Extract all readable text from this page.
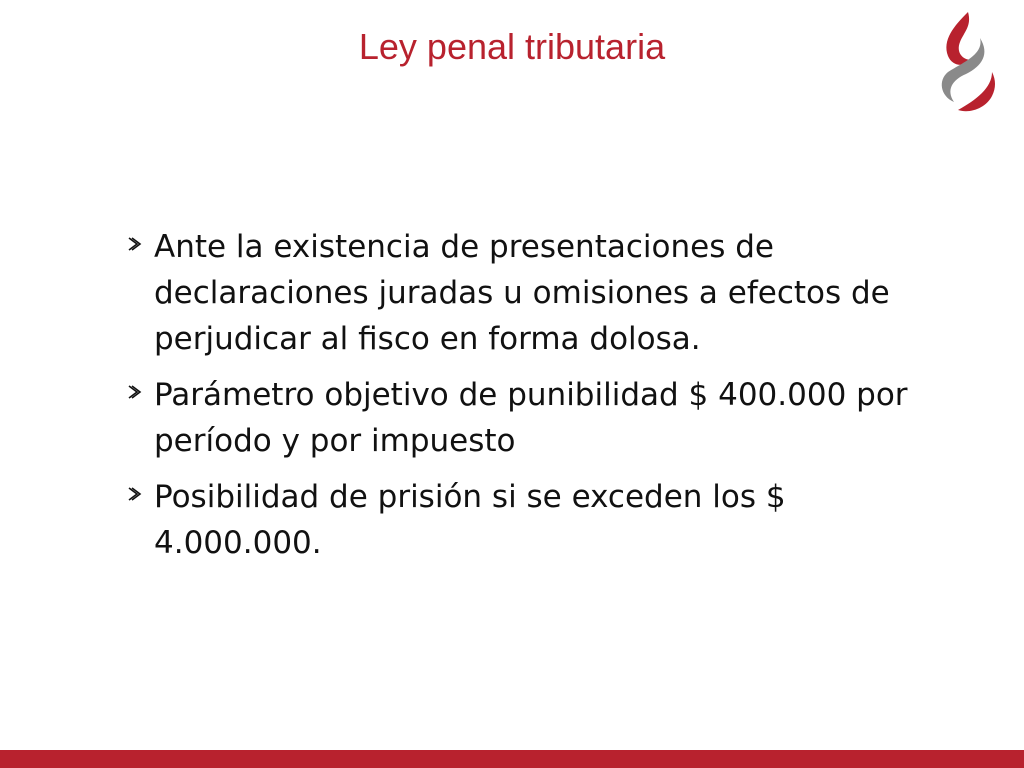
Ley penal tributaria
Ante la existencia de presentaciones de declaraciones juradas u omisiones a efectos de perjudicar al fisco en forma dolosa.
Parámetro objetivo de punibilidad $ 400.000 por período y por impuesto
Posibilidad de prisión si se exceden los $ 4.000.000.
